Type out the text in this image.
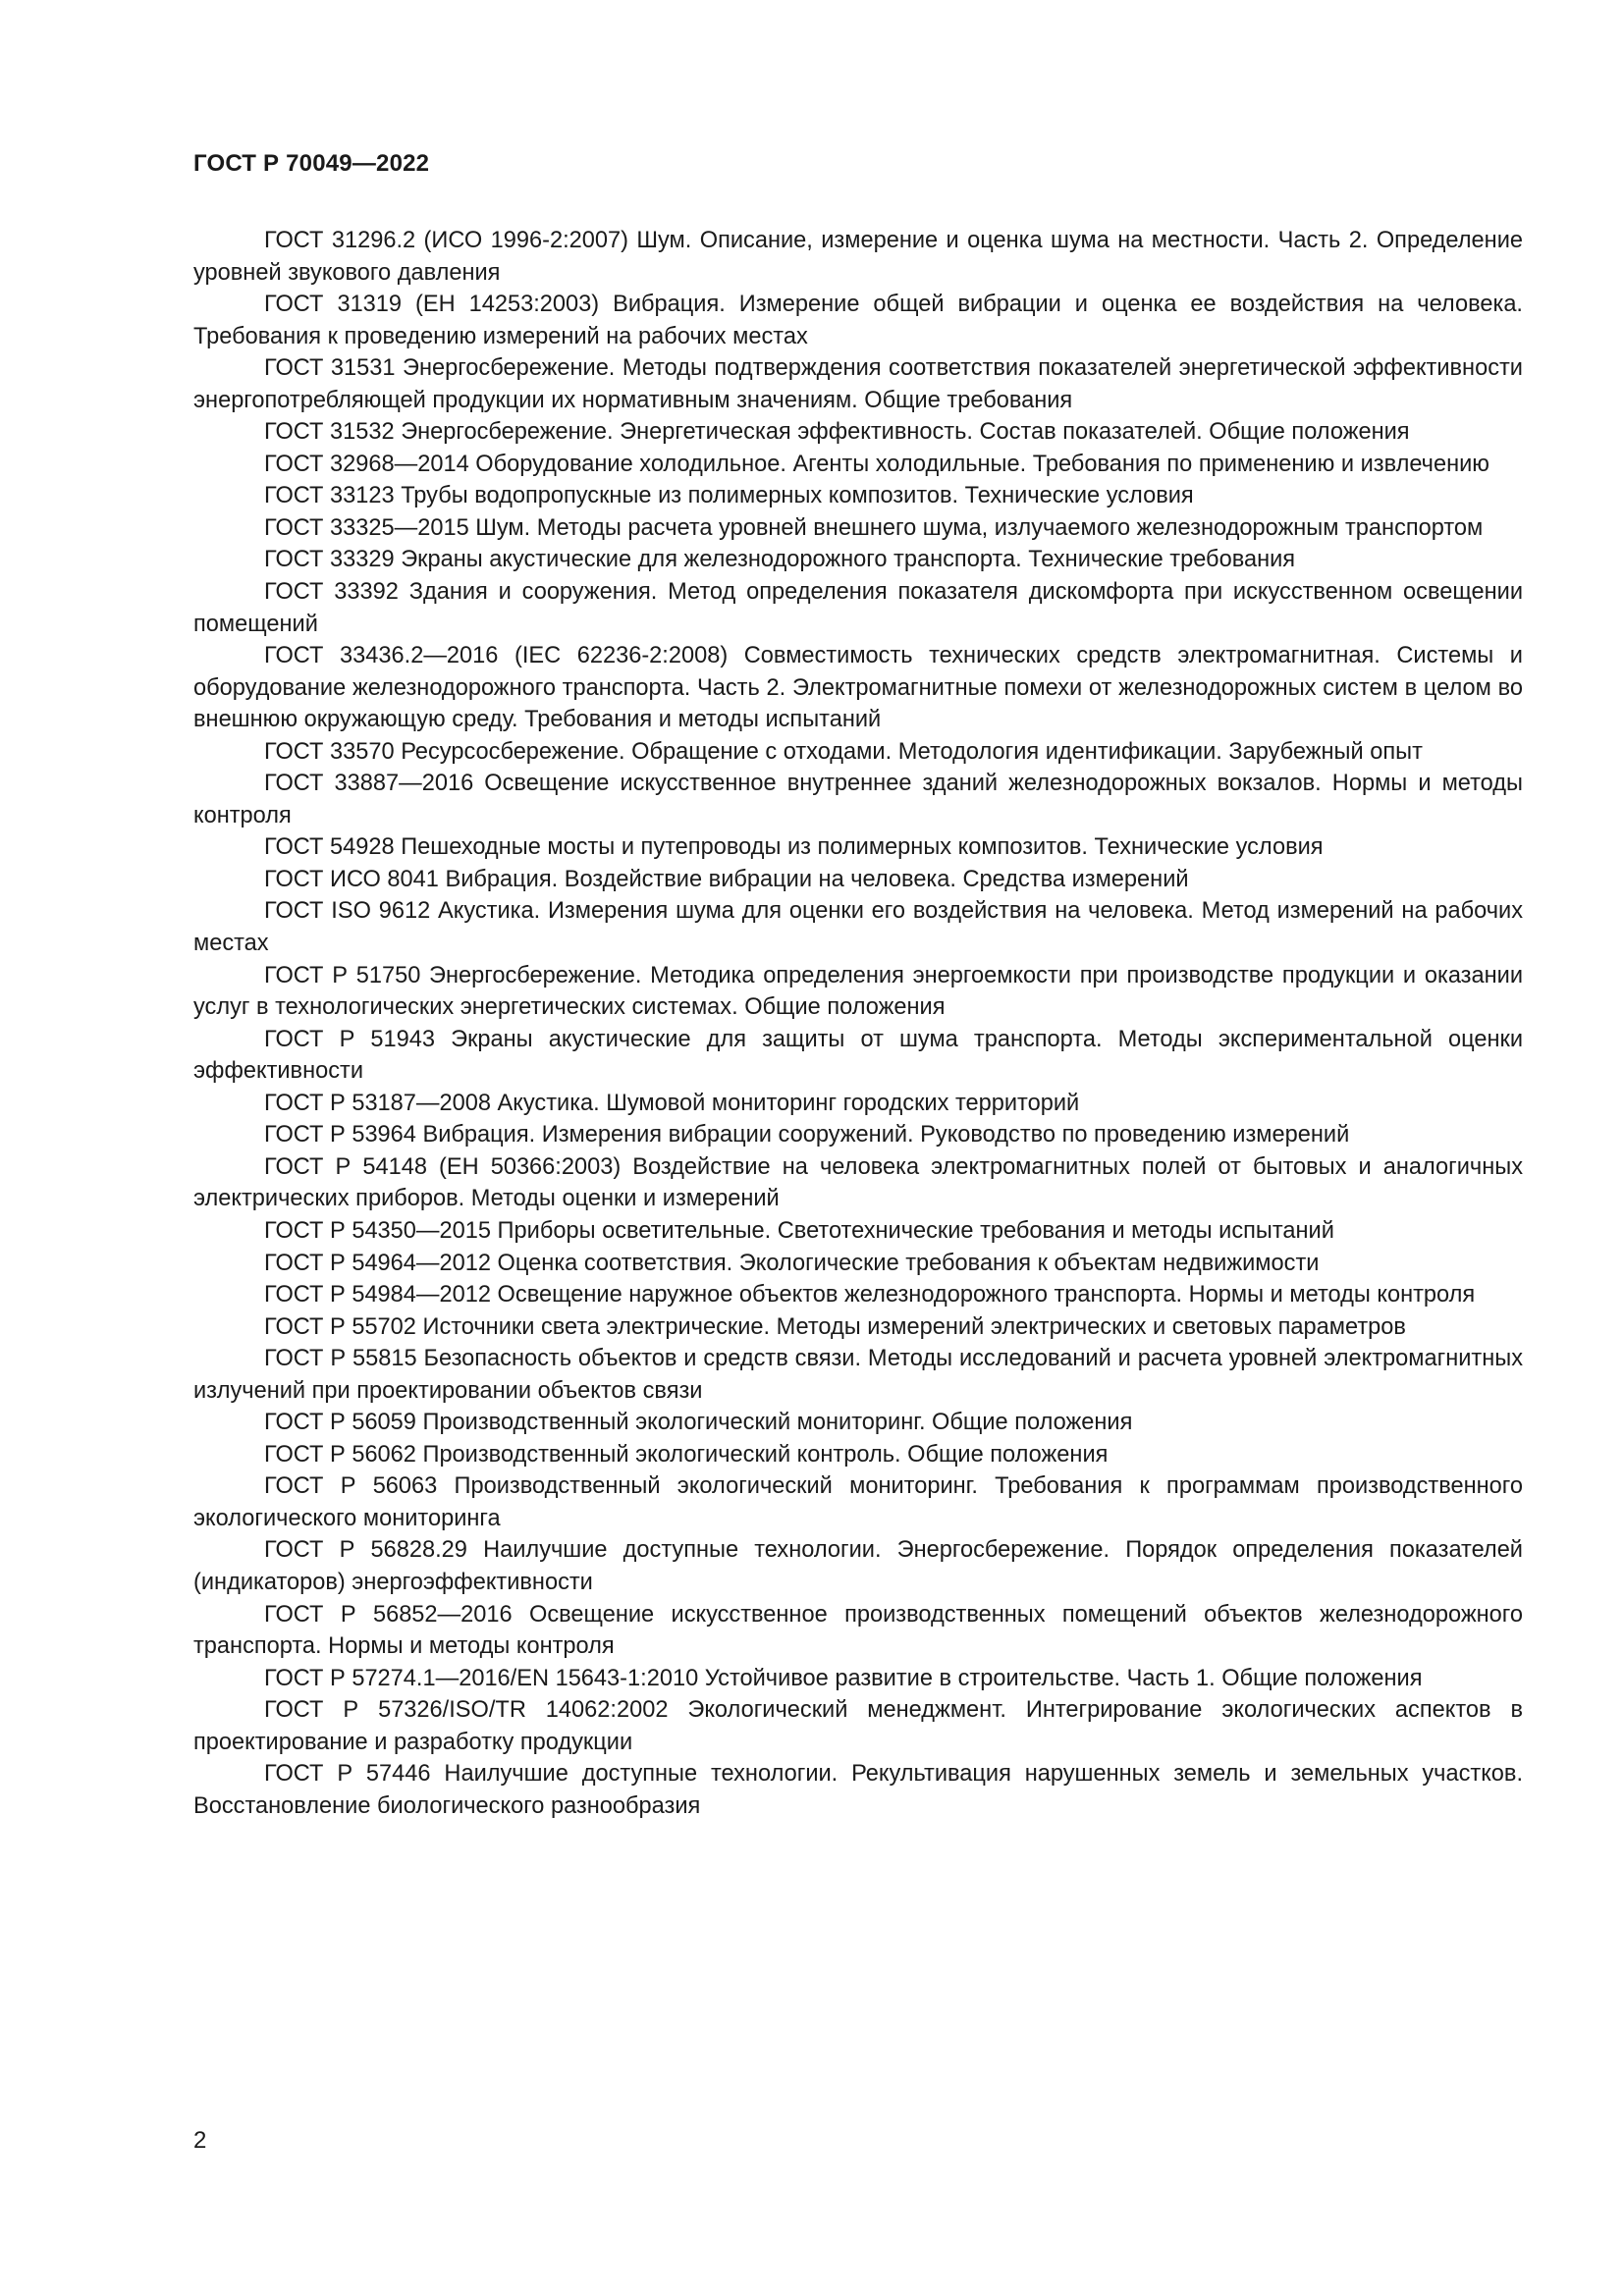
ГОСТ Р 70049—2022

ГОСТ 31296.2 (ИСО 1996-2:2007) Шум. Описание, измерение и оценка шума на местности. Часть 2. Определение уровней звукового давления

ГОСТ 31319 (ЕН 14253:2003) Вибрация. Измерение общей вибрации и оценка ее воздействия на человека. Требования к проведению измерений на рабочих местах

ГОСТ 31531 Энергосбережение. Методы подтверждения соответствия показателей энергетической эффективности энергопотребляющей продукции их нормативным значениям. Общие требования

ГОСТ 31532 Энергосбережение. Энергетическая эффективность. Состав показателей. Общие положения

ГОСТ 32968—2014 Оборудование холодильное. Агенты холодильные. Требования по применению и извлечению

ГОСТ 33123 Трубы водопропускные из полимерных композитов. Технические условия

ГОСТ 33325—2015 Шум. Методы расчета уровней внешнего шума, излучаемого железнодорожным транспортом

ГОСТ 33329 Экраны акустические для железнодорожного транспорта. Технические требования

ГОСТ 33392 Здания и сооружения. Метод определения показателя дискомфорта при искусственном освещении помещений

ГОСТ 33436.2—2016 (IEC 62236-2:2008) Совместимость технических средств электромагнитная. Системы и оборудование железнодорожного транспорта. Часть 2. Электромагнитные помехи от железнодорожных систем в целом во внешнюю окружающую среду. Требования и методы испытаний

ГОСТ 33570 Ресурсосбережение. Обращение с отходами. Методология идентификации. Зарубежный опыт

ГОСТ 33887—2016 Освещение искусственное внутреннее зданий железнодорожных вокзалов. Нормы и методы контроля

ГОСТ 54928 Пешеходные мосты и путепроводы из полимерных композитов. Технические условия

ГОСТ ИСО 8041 Вибрация. Воздействие вибрации на человека. Средства измерений

ГОСТ ISO 9612 Акустика. Измерения шума для оценки его воздействия на человека. Метод измерений на рабочих местах

ГОСТ Р 51750 Энергосбережение. Методика определения энергоемкости при производстве продукции и оказании услуг в технологических энергетических системах. Общие положения

ГОСТ Р 51943 Экраны акустические для защиты от шума транспорта. Методы экспериментальной оценки эффективности

ГОСТ Р 53187—2008 Акустика. Шумовой мониторинг городских территорий

ГОСТ Р 53964 Вибрация. Измерения вибрации сооружений. Руководство по проведению измерений

ГОСТ Р 54148 (ЕН 50366:2003) Воздействие на человека электромагнитных полей от бытовых и аналогичных электрических приборов. Методы оценки и измерений

ГОСТ Р 54350—2015 Приборы осветительные. Светотехнические требования и методы испытаний

ГОСТ Р 54964—2012 Оценка соответствия. Экологические требования к объектам недвижимости

ГОСТ Р 54984—2012 Освещение наружное объектов железнодорожного транспорта. Нормы и методы контроля

ГОСТ Р 55702 Источники света электрические. Методы измерений электрических и световых параметров

ГОСТ Р 55815 Безопасность объектов и средств связи. Методы исследований и расчета уровней электромагнитных излучений при проектировании объектов связи

ГОСТ Р 56059 Производственный экологический мониторинг. Общие положения

ГОСТ Р 56062 Производственный экологический контроль. Общие положения

ГОСТ Р 56063 Производственный экологический мониторинг. Требования к программам производственного экологического мониторинга

ГОСТ Р 56828.29 Наилучшие доступные технологии. Энергосбережение. Порядок определения показателей (индикаторов) энергоэффективности

ГОСТ Р 56852—2016 Освещение искусственное производственных помещений объектов железнодорожного транспорта. Нормы и методы контроля

ГОСТ Р 57274.1—2016/EN 15643-1:2010 Устойчивое развитие в строительстве. Часть 1. Общие положения

ГОСТ Р 57326/ISO/TR 14062:2002 Экологический менеджмент. Интегрирование экологических аспектов в проектирование и разработку продукции

ГОСТ Р 57446 Наилучшие доступные технологии. Рекультивация нарушенных земель и земельных участков. Восстановление биологического разнообразия

2
